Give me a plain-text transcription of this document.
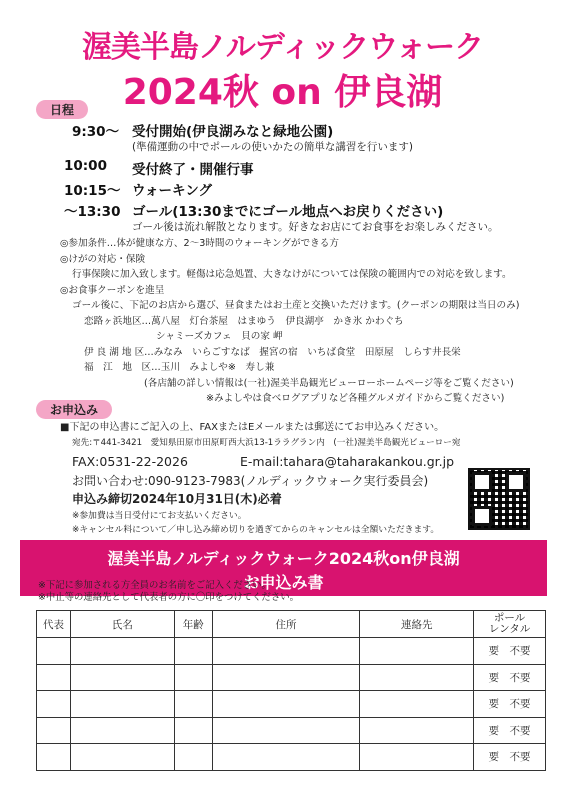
渥美半島ノルディックウォーク
2024秋 on 伊良湖
日程
9:30～ 受付開始(伊良湖みなと緑地公園)
(準備運動の中でポールの使いかたの簡単な講習を行います)
10:00 受付終了・開催行事
10:15～ ウォーキング
～13:30 ゴール(13:30までにゴール地点へお戻りください)
ゴール後は流れ解散となります。好きなお店にてお食事をお楽しみください。
◎参加条件…体が健康な方、2～3時間のウォーキングができる方
◎けがの対応・保険
行事保険に加入致します。軽傷は応急処置、大きなけがについては保険の範囲内での対応を致します。
◎お食事クーポンを進呈
ゴール後に、下記のお店から選び、昼食またはお土産と交換いただけます。(クーポンの期限は当日のみ)
恋路ヶ浜地区…萬八屋　灯台茶屋　はまゆう　伊良湖亭　かき氷 かわぐち
シャミーズカフェ　貝の家 岬
伊 良 湖 地 区…みなみ　いらごすなば　握宮の宿　いちば食堂　田原屋　しらす井長栄
福　江　地　区…玉川　みよしや※　寿し兼
(各店舗の詳しい情報は(一社)渥美半島観光ビューローホームページ等をご覧ください)
※みよしやは食べログアプリなど各種グルメガイドからご覧ください)
お申込み
■下記の申込書にご記入の上、FAXまたはEメールまたは郵送にてお申込みください。
宛先:〒441-3421　愛知県田原市田原町西大浜13-1ララグラン内　(一社)渥美半島観光ビューロー宛
FAX:0531-22-2026	E-mail:tahara@taharakankou.gr.jp
お問い合わせ:090-9123-7983(ノルディックウォーク実行委員会)
申込み締切2024年10月31日(木)必着
※参加費は当日受付にてお支払いください。
※キャンセル料について／申し込み締め切りを過ぎてからのキャンセルは全額いただきます。
渥美半島ノルディックウォーク2024秋on伊良湖
お申込み書
※下記に参加される方全員のお名前をご記入ください。
※中止等の連絡先として代表者の方に〇印をつけてください。
代表	氏名	年齢	住所	連絡先	ポール
レンタル
					要　不要
					要　不要
					要　不要
					要　不要
					要　不要
